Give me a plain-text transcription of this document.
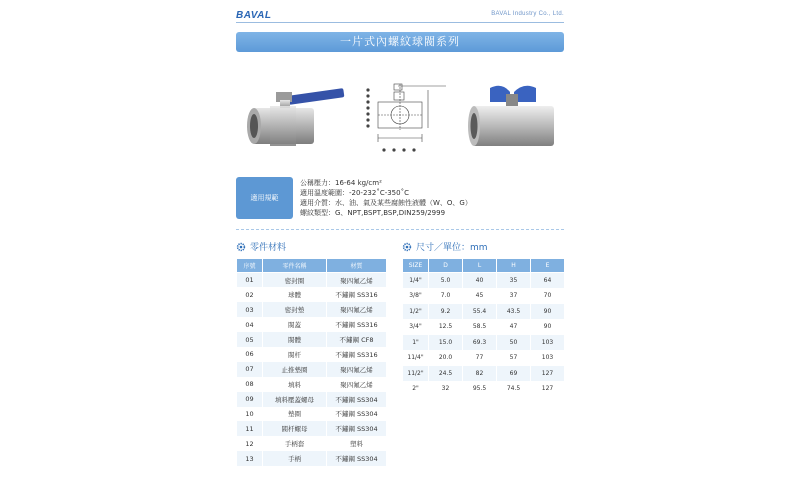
BAVAL	BAVAL Industry Co., Ltd.
一片式內螺紋球閥系列
適用規範
公稱壓力：16-64 kg/cm²
適用溫度範圍：-20-232˚C-350˚C
適用介質：水、油、氣及某些腐蝕性液體（W、O、G）
螺紋類型：G、NPT,BSPT,BSP,DIN259/2999
零件材料	尺寸／單位：mm
序號	零件名稱	材質
01	密封圈	聚四氟乙烯
02	球體	不鏽鋼 SS316
03	密封墊	聚四氟乙烯
04	閥蓋	不鏽鋼 SS316
05	閥體	不鏽鋼 CF8
06	閥杆	不鏽鋼 SS316
07	止推墊圈	聚四氟乙烯
08	填料	聚四氟乙烯
09	填料壓蓋螺母	不鏽鋼 SS304
10	墊圈	不鏽鋼 SS304
11	閥杆螺母	不鏽鋼 SS304
12	手柄套	塑料
13	手柄	不鏽鋼 SS304
SIZE	D	L	H	E
1/4"	5.0	40	35	64
3/8"	7.0	45	37	70
1/2"	9.2	55.4	43.5	90
3/4"	12.5	58.5	47	90
1"	15.0	69.3	50	103
11/4"	20.0	77	57	103
11/2"	24.5	82	69	127
2"	32	95.5	74.5	127
